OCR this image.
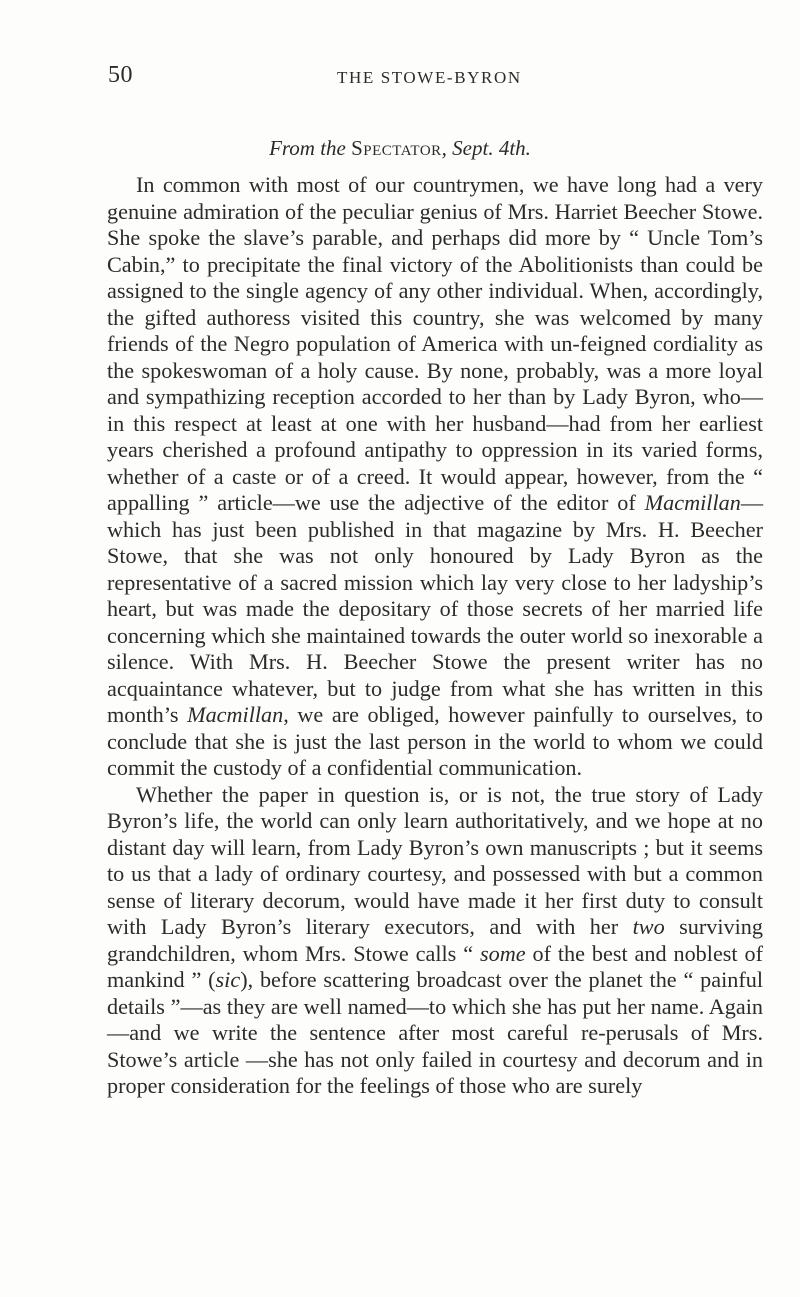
50	THE STOWE-BYRON
From the Spectator, Sept. 4th.

In common with most of our countrymen, we have long had a very genuine admiration of the peculiar genius of Mrs. Harriet Beecher Stowe. She spoke the slave’s parable, and perhaps did more by “ Uncle Tom’s Cabin,” to precipitate the final victory of the Abolitionists than could be assigned to the single agency of any other individual. When, accordingly, the gifted authoress visited this country, she was welcomed by many friends of the Negro population of America with un-feigned cordiality as the spokeswoman of a holy cause. By none, probably, was a more loyal and sympathizing reception accorded to her than by Lady Byron, who—in this respect at least at one with her husband—had from her earliest years cherished a profound antipathy to oppression in its varied forms, whether of a caste or of a creed. It would appear, however, from the “ appalling ” article—we use the adjective of the editor of Macmillan—which has just been published in that magazine by Mrs. H. Beecher Stowe, that she was not only honoured by Lady Byron as the representative of a sacred mission which lay very close to her ladyship’s heart, but was made the depositary of those secrets of her married life concerning which she maintained towards the outer world so inexorable a silence. With Mrs. H. Beecher Stowe the present writer has no acquaintance whatever, but to judge from what she has written in this month’s Macmillan, we are obliged, however painfully to ourselves, to conclude that she is just the last person in the world to whom we could commit the custody of a confidential communication.

Whether the paper in question is, or is not, the true story of Lady Byron’s life, the world can only learn authoritatively, and we hope at no distant day will learn, from Lady Byron’s own manuscripts ; but it seems to us that a lady of ordinary courtesy, and possessed with but a common sense of literary decorum, would have made it her first duty to consult with Lady Byron’s literary executors, and with her two surviving grandchildren, whom Mrs. Stowe calls “ some of the best and noblest of mankind ” (sic), before scattering broadcast over the planet the “ painful details ”—as they are well named—to which she has put her name. Again—and we write the sentence after most careful re-perusals of Mrs. Stowe’s article —she has not only failed in courtesy and decorum and in proper consideration for the feelings of those who are surely
